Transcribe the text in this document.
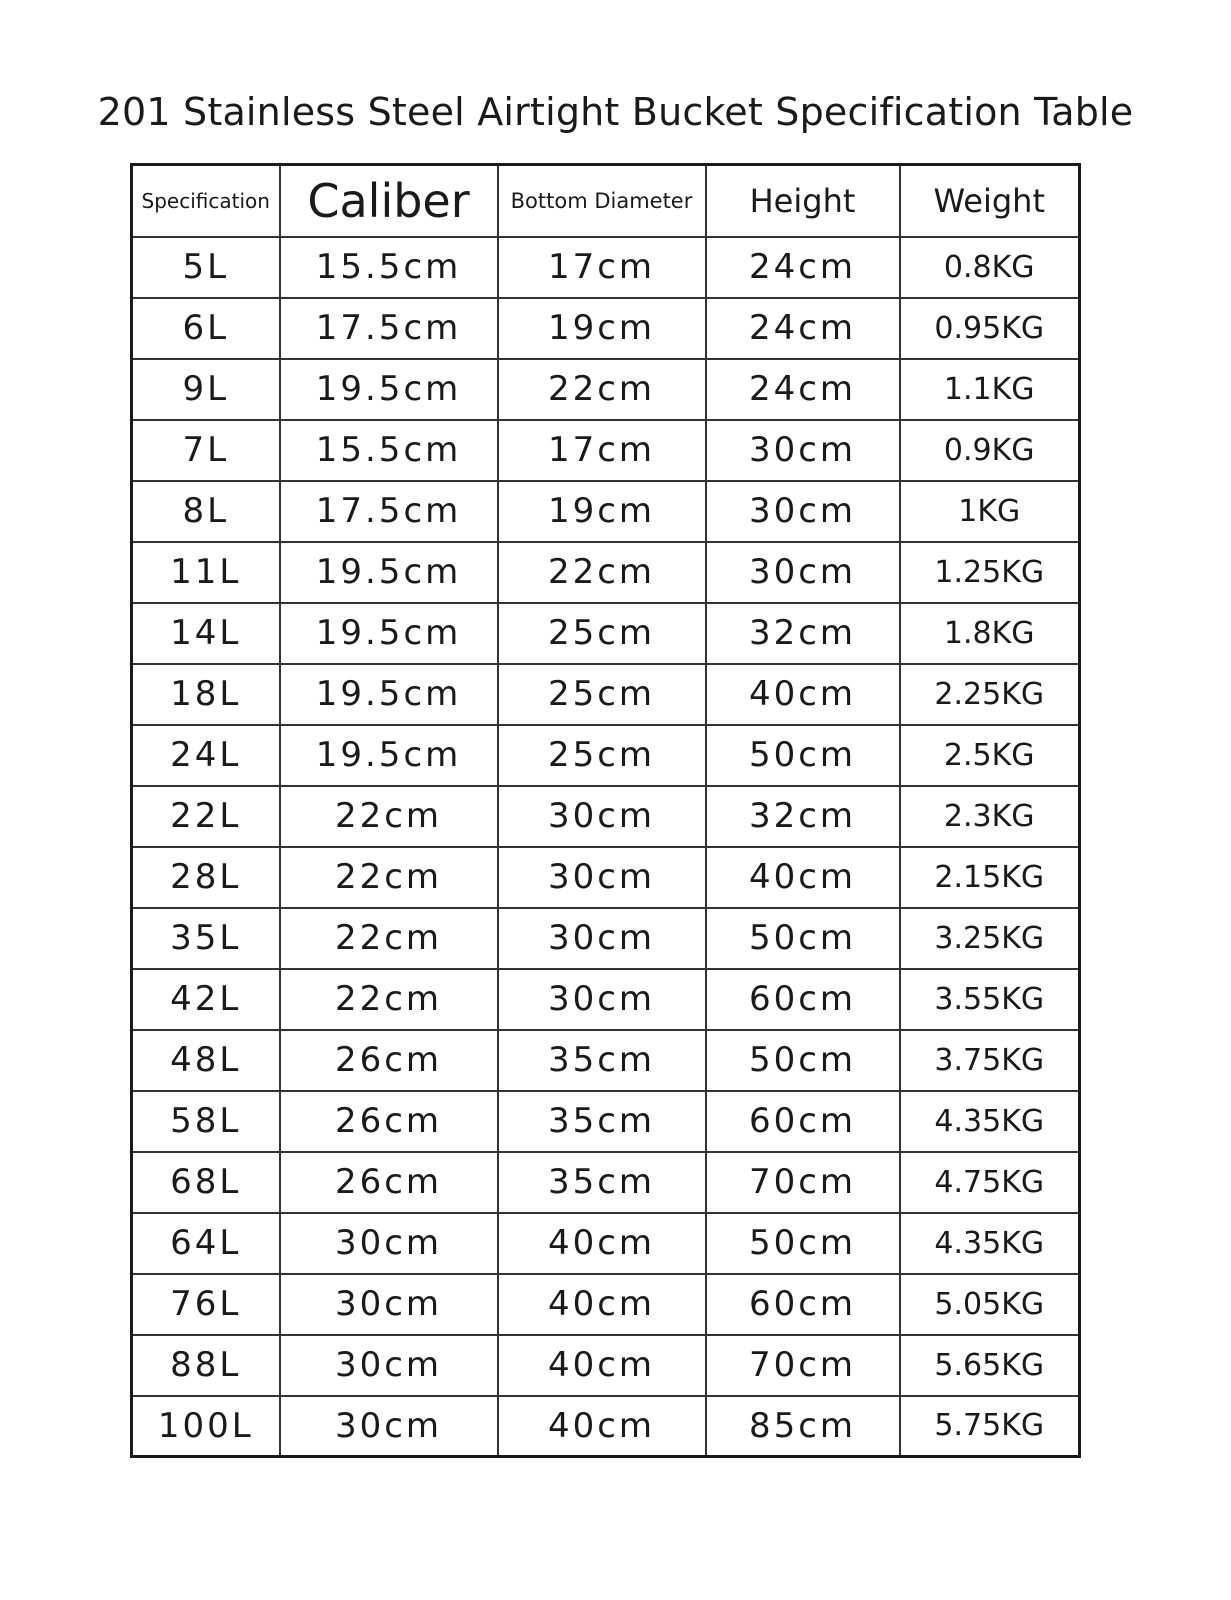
201 Stainless Steel Airtight Bucket Specification Table
Specification	Caliber	Bottom Diameter	Height	Weight
5L	15.5cm	17cm	24cm	0.8KG
6L	17.5cm	19cm	24cm	0.95KG
9L	19.5cm	22cm	24cm	1.1KG
7L	15.5cm	17cm	30cm	0.9KG
8L	17.5cm	19cm	30cm	1KG
11L	19.5cm	22cm	30cm	1.25KG
14L	19.5cm	25cm	32cm	1.8KG
18L	19.5cm	25cm	40cm	2.25KG
24L	19.5cm	25cm	50cm	2.5KG
22L	22cm	30cm	32cm	2.3KG
28L	22cm	30cm	40cm	2.15KG
35L	22cm	30cm	50cm	3.25KG
42L	22cm	30cm	60cm	3.55KG
48L	26cm	35cm	50cm	3.75KG
58L	26cm	35cm	60cm	4.35KG
68L	26cm	35cm	70cm	4.75KG
64L	30cm	40cm	50cm	4.35KG
76L	30cm	40cm	60cm	5.05KG
88L	30cm	40cm	70cm	5.65KG
100L	30cm	40cm	85cm	5.75KG
